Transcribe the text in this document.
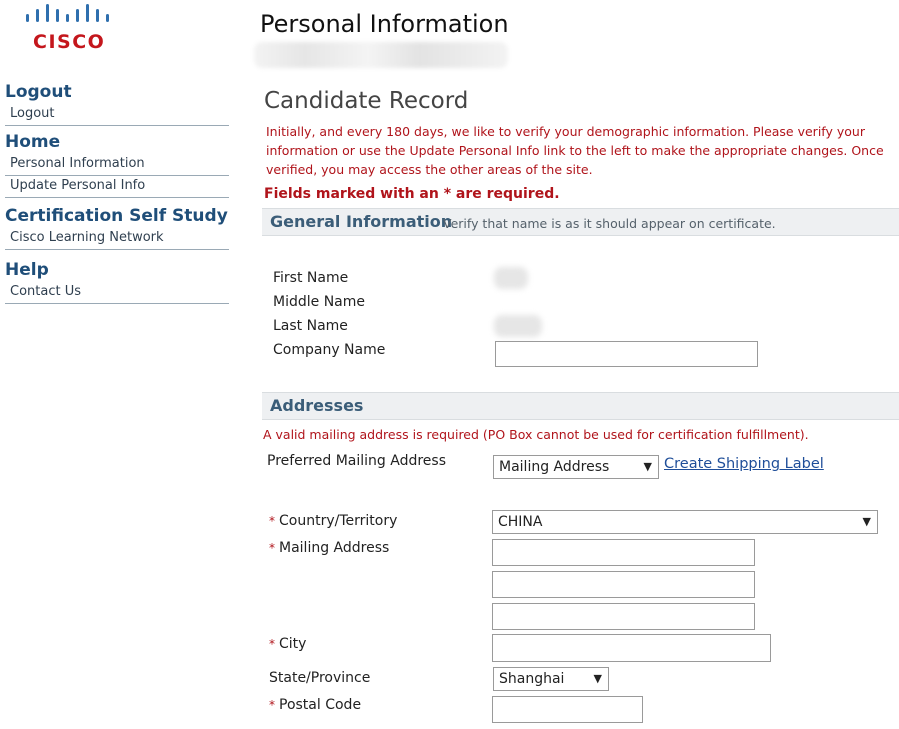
CISCO
Logout
Logout
Home
Personal Information
Update Personal Info
Certification Self Study
Cisco Learning Network
Help
Contact Us
Personal Information
Candidate Record
Initially, and every 180 days, we like to verify your demographic information. Please verify your information or use the Update Personal Info link to the left to make the appropriate changes. Once verified, you may access the other areas of the site.
Fields marked with an * are required.
General Information
Verify that name is as it should appear on certificate.
First Name
Middle Name
Last Name
Company Name
Addresses
A valid mailing address is required (PO Box cannot be used for certification fulfillment).
Preferred Mailing Address	Mailing Address	▼ Create Shipping Label
* Country/Territory	CHINA	▼
* Mailing Address
* City
State/Province	Shanghai	▼
* Postal Code
